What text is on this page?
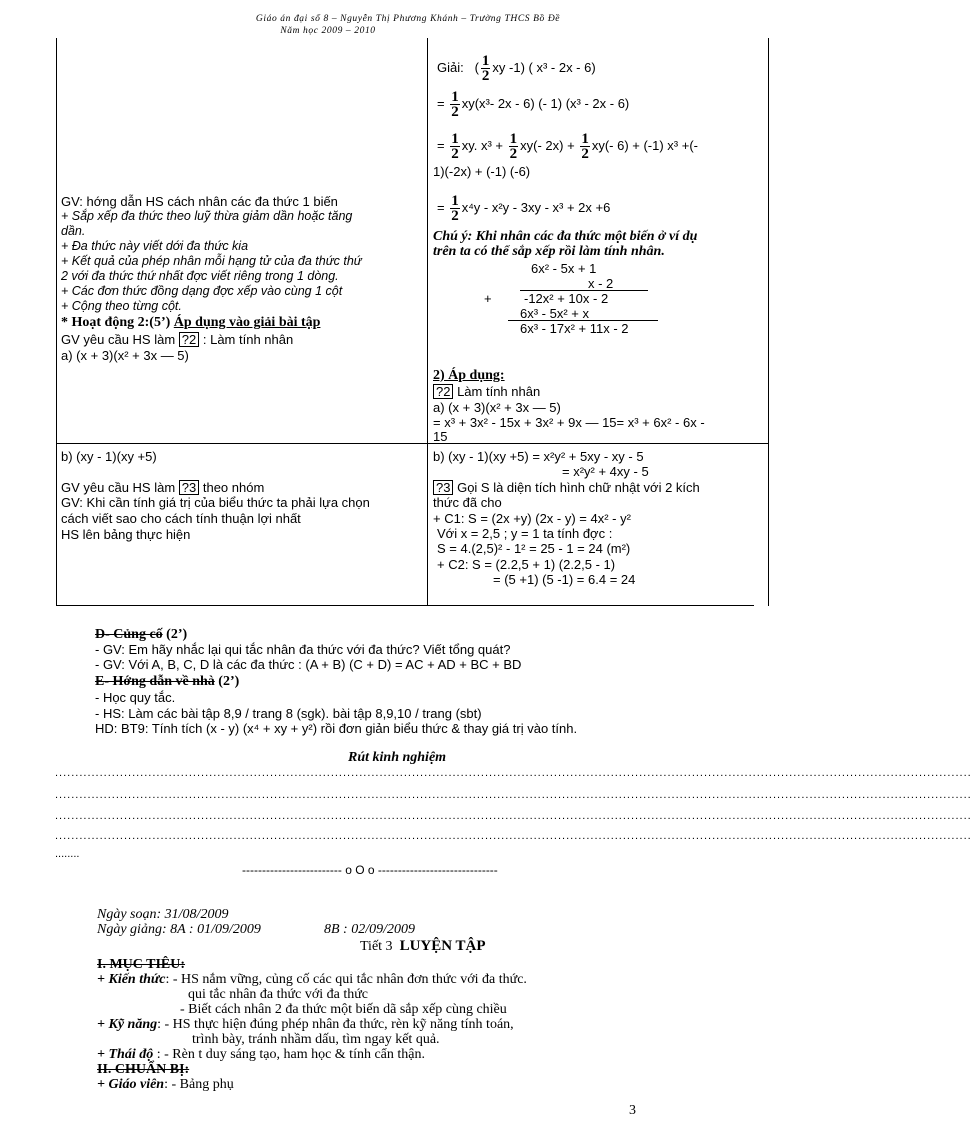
Giáo án đại số 8 – Nguyễn Thị Phương Khánh – Trường THCS Bồ Đề
Năm học 2009 – 2010
GV: hớng dẫn HS cách nhân các đa thức 1 biến
+ Sắp xếp đa thức theo luỹ thừa giảm dần hoặc tăng
dần.
+ Đa thức này viết dới đa thức kia
+ Kết quả của phép nhân mỗi hạng tử của đa thức thứ
2 với đa thức thứ nhất đợc viết riêng trong 1 dòng.
+ Các đơn thức đồng dạng đợc xếp vào cùng 1 cột
+ Cộng theo từng cột.
* Hoạt động 2:(5’) Áp dụng vào giải bài tập
GV yêu cầu HS làm ?2 : Làm tính nhân
a) (x + 3)(x² + 3x — 5)
Giải:   ( $\frac{1}{2}$ xy -1) ( x³ - 2x - 6)
= $\frac{1}{2} xy(x^3-$ 2x - 6) (- 1) (x³ - 2x - 6)
= $\frac{1}{2}$ xy. $x^3 + \frac{1}{2} xy(-$ $2x) + \frac{1}{2} xy(-$ 6) + (-1) x³ +(-
1)(-2x) + (-1) (-6)
= $\frac{1}{2} x^4y - x^2y - 3xy - x^3 + 2x +6$
Chú ý: Khi nhân các đa thức một biến ở ví dụ
trên ta có thể sắp xếp rồi làm tính nhân.
6x² - 5x + 1
x - 2
+ -12x² + 10x - 2
6x³ - 5x² + x
6x³ - 17x² + 11x - 2
2) Áp dụng:
?2 Làm tính nhân
a) (x + 3)(x² + 3x — 5)
= x³ + 3x² - 15x + 3x² + 9x — 15= x³ + 6x² - 6x -
15
b) (xy - 1)(xy +5)
GV yêu cầu HS làm ?3 theo nhóm
GV: Khi cần tính giá trị của biểu thức ta phải lựa chọn
cách viết sao cho cách tính thuận lợi nhất
HS lên bảng thực hiện
b) (xy - 1)(xy +5) = x²y² + 5xy - xy - 5
= x²y² + 4xy - 5
?3 Gọi S là diện tích hình chữ nhật với 2 kích
thức đã cho
+ C1: S = (2x +y) (2x - y) = 4x² - y²
Với x = 2,5 ; y = 1 ta tính đợc :
S = 4.(2,5)² - 1² = 25 - 1 = 24 (m²)
+ C2: S = (2.2,5 + 1) (2.2,5 - 1)
= (5 +1) (5 -1) = 6.4 = 24
D- Củng cố (2’)
- GV: Em hãy nhắc lại qui tắc nhân đa thức với đa thức? Viết tổng quát?
- GV: Với A, B, C, D là các đa thức : (A + B) (C + D) = AC + AD + BC + BD
E- Hớng dẫn về nhà (2’)
- Học quy tắc.
- HS: Làm các bài tập 8,9 / trang 8 (sgk). bài tập 8,9,10 / trang (sbt)
HD: BT9: Tính tích (x - y) (x⁴ + xy + y²) rồi đơn giản biểu thức & thay giá trị vào tính.
Rút kinh nghiệm
..................................................................................................................................................................................................................................
..................................................................................................................................................................................................................................
..................................................................................................................................................................................................................................
..................................................................................................................................................................................................................................
........
------------------------- o O o ------------------------------
Ngày soạn: 31/08/2009
Ngày giảng: 8A : 01/09/2009	8B : 02/09/2009
Tiết 3 LUYỆN TẬP
I. MỤC TIÊU:
+ Kiến thức: - HS nắm vững, củng cố các qui tắc nhân đơn thức với đa thức.
qui tắc nhân đa thức với đa thức
- Biết cách nhân 2 đa thức một biến dã sắp xếp cùng chiều
+ Kỹ năng: - HS thực hiện đúng phép nhân đa thức, rèn kỹ năng tính toán,
trình bày, tránh nhầm dấu, tìm ngay kết quả.
+ Thái độ : - Rèn t duy sáng tạo, ham học & tính cẩn thận.
II. CHUẨN BỊ:
+ Giáo viên: - Bảng phụ
3
